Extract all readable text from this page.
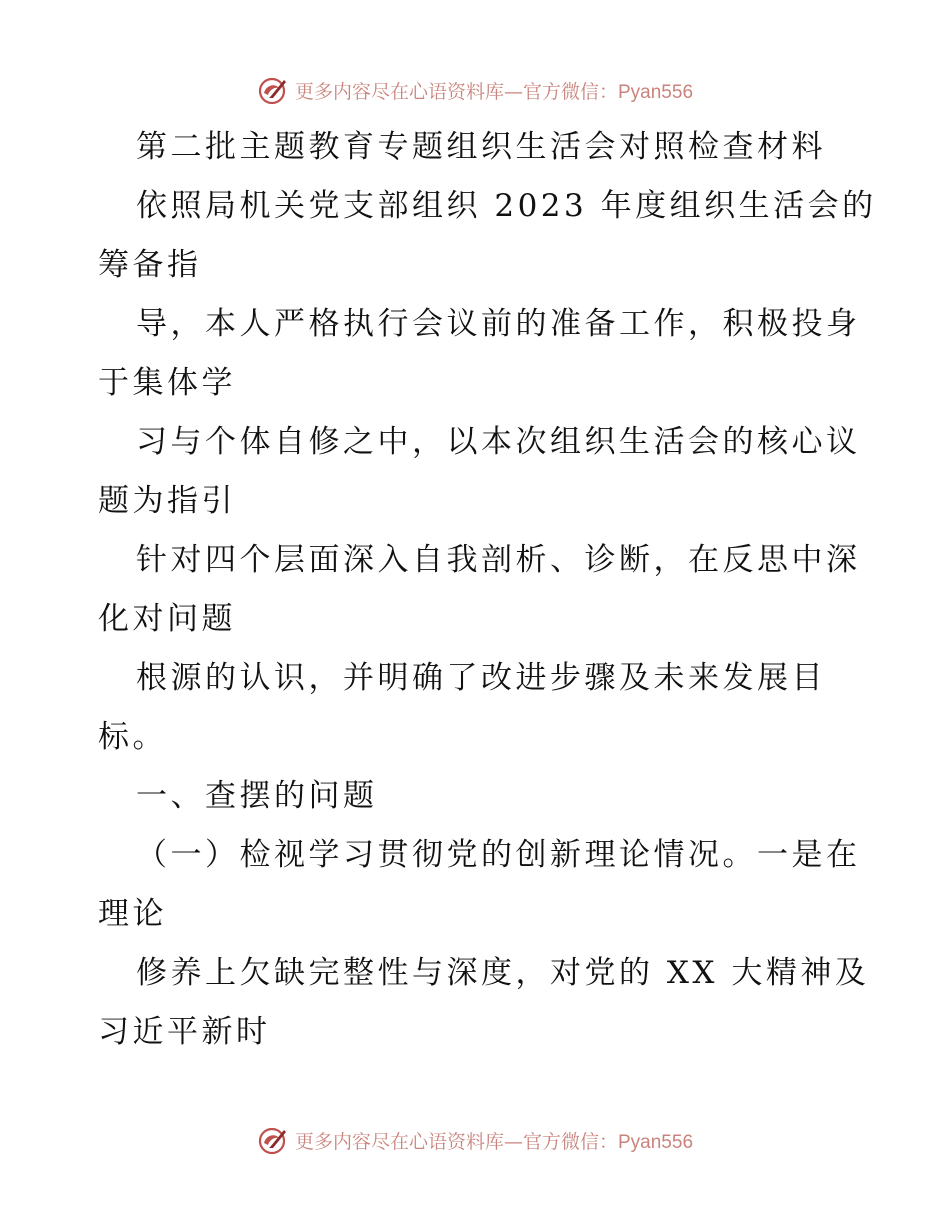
更多内容尽在心语资料库—官方微信：Pyan556
第二批主题教育专题组织生活会对照检查材料
依照局机关党支部组织 2023 年度组织生活会的
筹备指
导，本人严格执行会议前的准备工作，积极投身
于集体学
习与个体自修之中，以本次组织生活会的核心议
题为指引
针对四个层面深入自我剖析、诊断，在反思中深
化对问题
根源的认识，并明确了改进步骤及未来发展目
标。
一、查摆的问题
（一）检视学习贯彻党的创新理论情况。一是在
理论
修养上欠缺完整性与深度，对党的 XX 大精神及
习近平新时
更多内容尽在心语资料库—官方微信：Pyan556
